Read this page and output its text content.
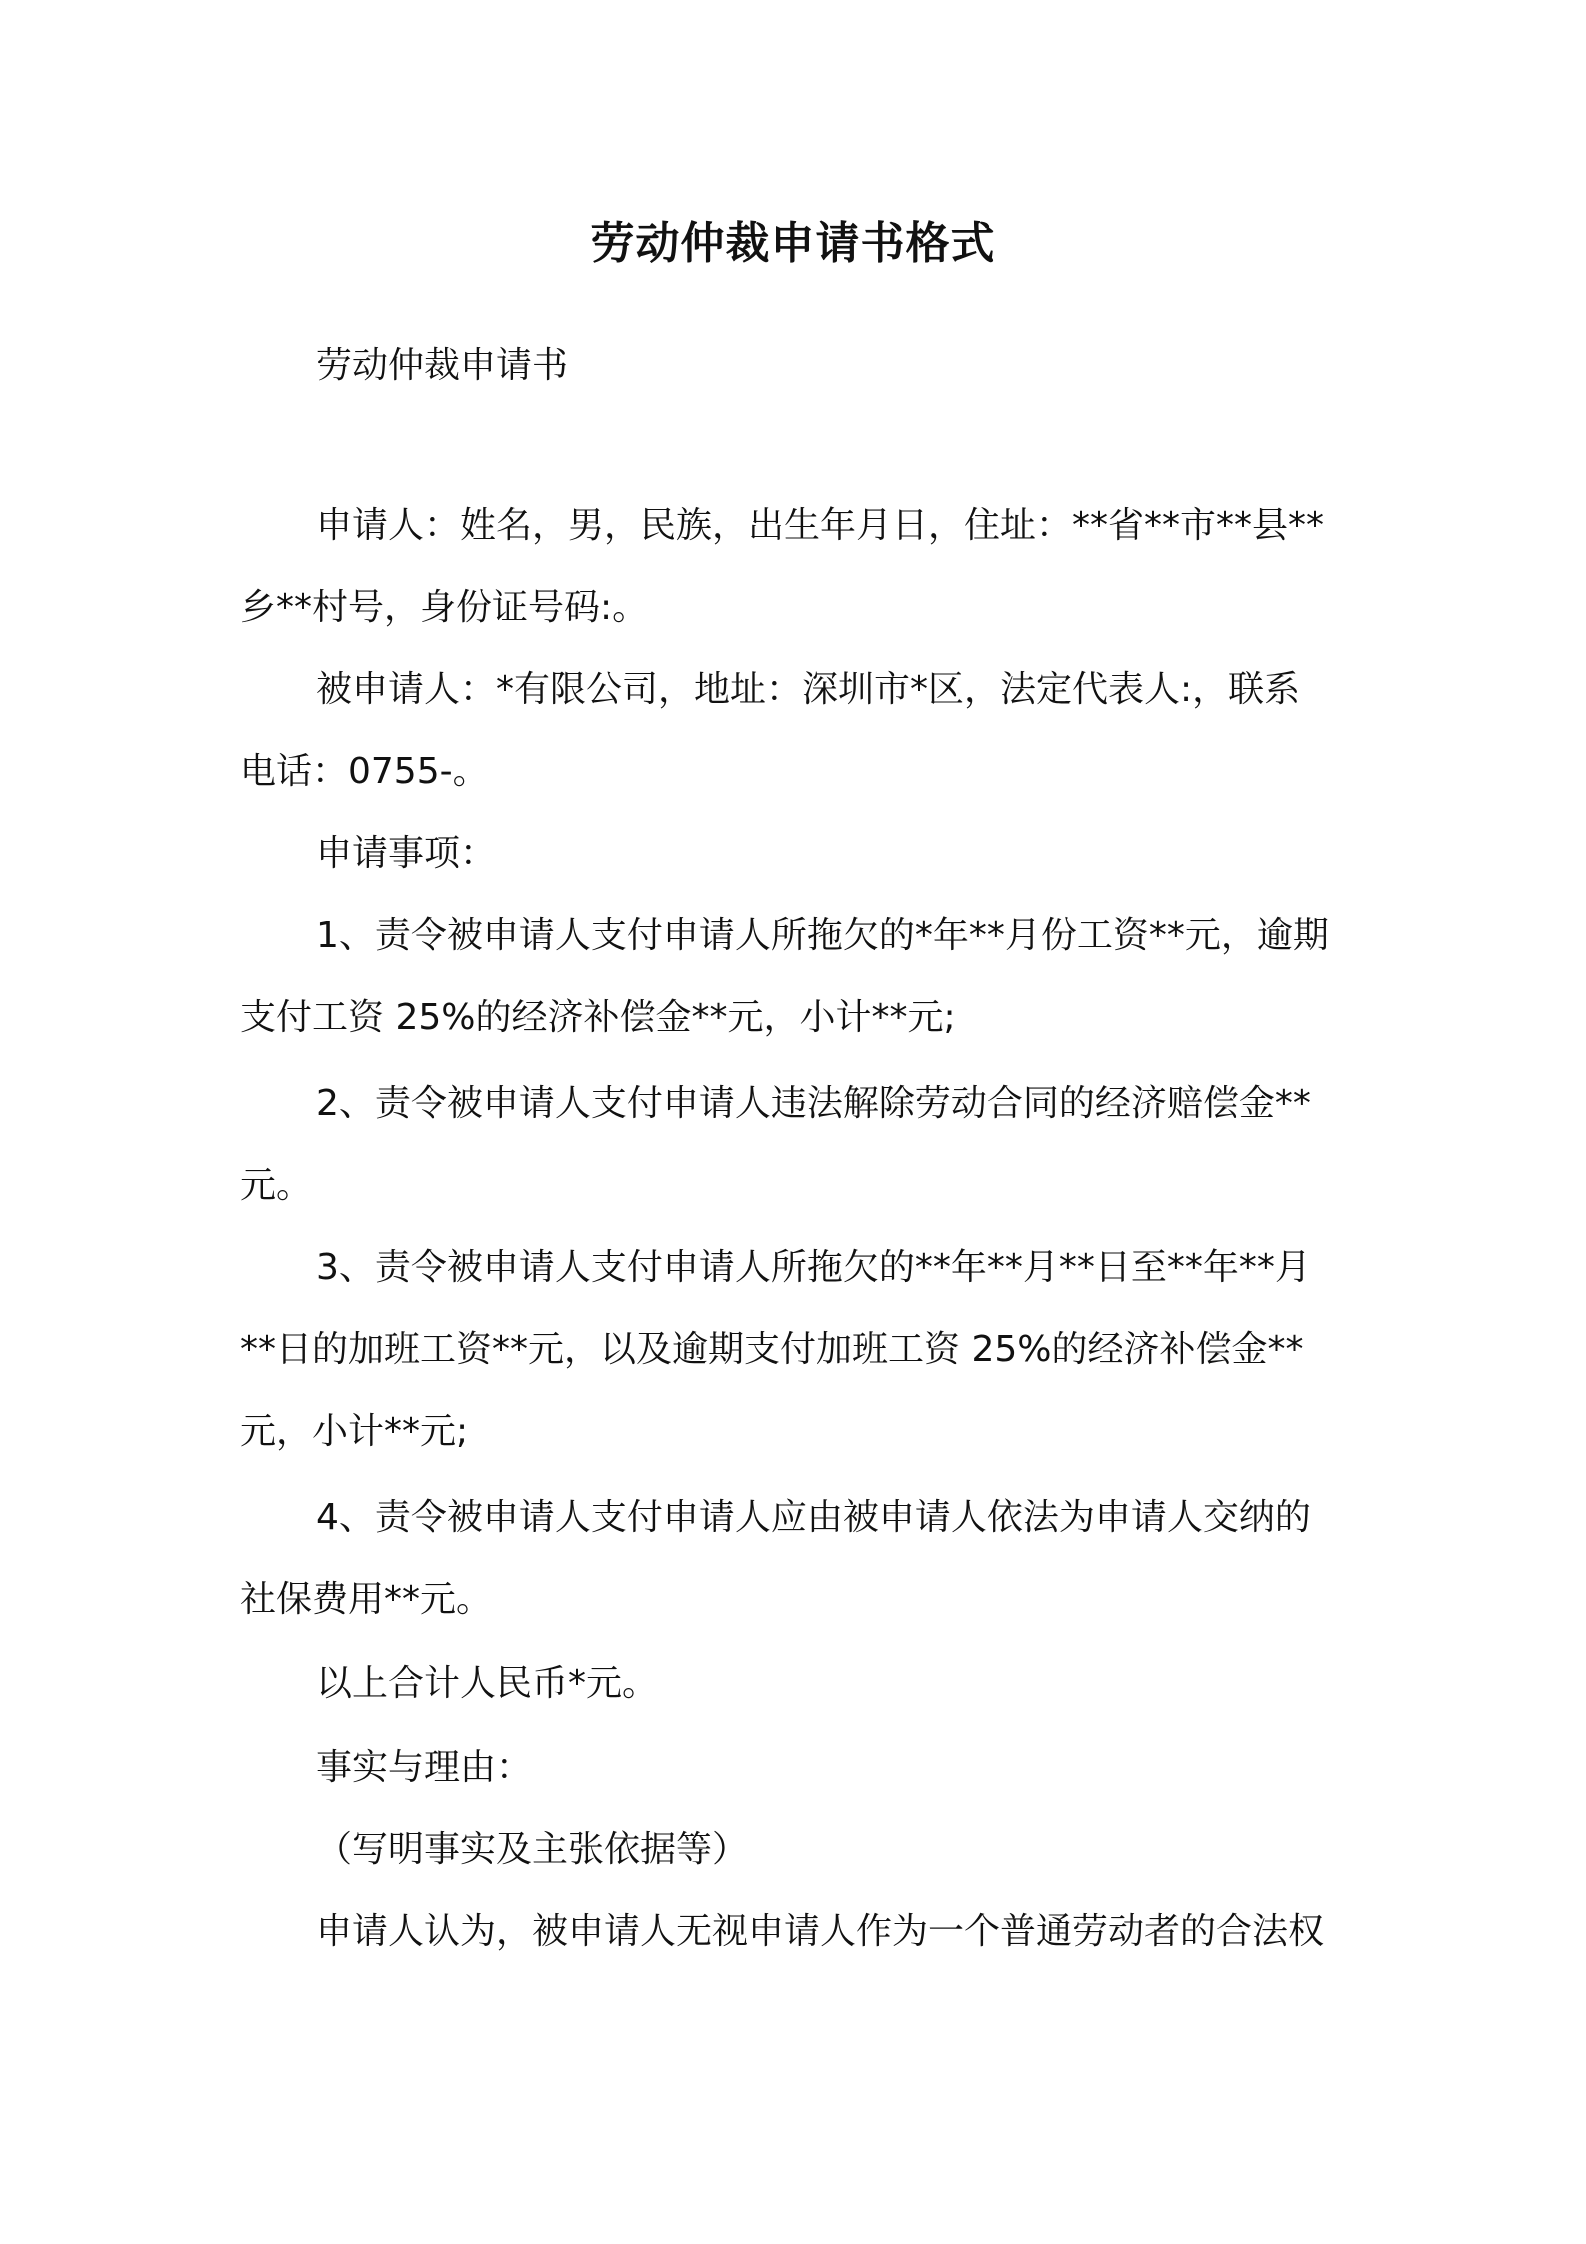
劳动仲裁申请书格式
劳动仲裁申请书
申请人：姓名，男，民族，出生年月日，住址：**省**市**县**
乡**村号，身份证号码:。
被申请人：*有限公司，地址：深圳市*区，法定代表人:，联系
电话：0755-。
申请事项：
1、责令被申请人支付申请人所拖欠的*年**月份工资**元，逾期
支付工资 25%的经济补偿金**元，小计**元;
2、责令被申请人支付申请人违法解除劳动合同的经济赔偿金**
元。
3、责令被申请人支付申请人所拖欠的**年**月**日至**年**月
**日的加班工资**元，以及逾期支付加班工资 25%的经济补偿金**
元，小计**元;
4、责令被申请人支付申请人应由被申请人依法为申请人交纳的
社保费用**元。
以上合计人民币*元。
事实与理由：
（写明事实及主张依据等）
申请人认为，被申请人无视申请人作为一个普通劳动者的合法权
